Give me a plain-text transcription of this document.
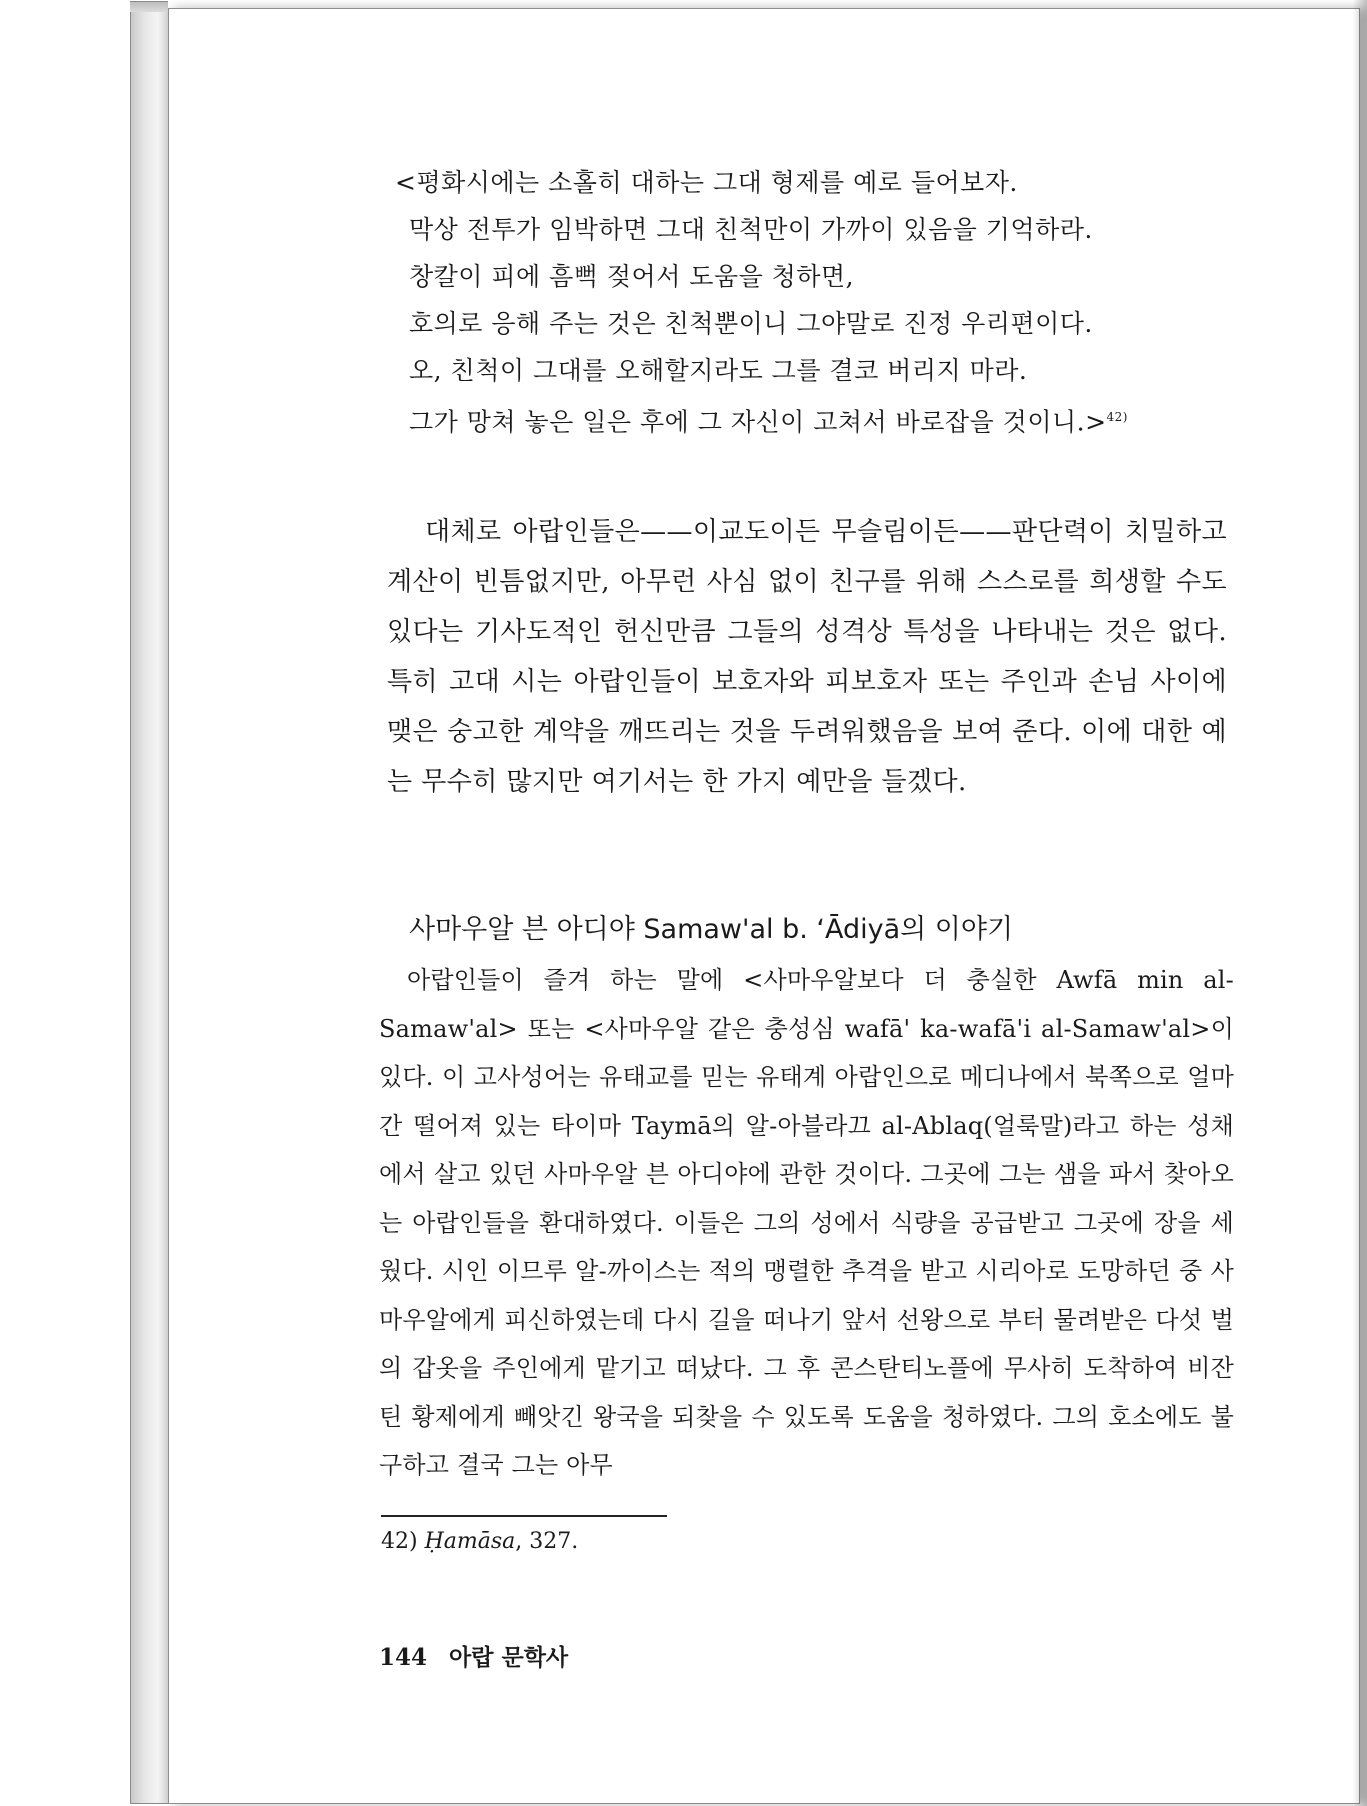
<평화시에는 소홀히 대하는 그대 형제를 예로 들어보자.
막상 전투가 임박하면 그대 친척만이 가까이 있음을 기억하라.
창칼이 피에 흠뻑 젖어서 도움을 청하면,
호의로 응해 주는 것은 친척뿐이니 그야말로 진정 우리편이다.
오, 친척이 그대를 오해할지라도 그를 결코 버리지 마라.
그가 망쳐 놓은 일은 후에 그 자신이 고쳐서 바로잡을 것이니.>$^{42)}$

대체로 아랍인들은——이교도이든 무슬림이든——판단력이 치밀하고 계산이 빈틈없지만, 아무런 사심 없이 친구를 위해 스스로를 희생할 수도 있다는 기사도적인 헌신만큼 그들의 성격상 특성을 나타내는 것은 없다. 특히 고대 시는 아랍인들이 보호자와 피보호자 또는 주인과 손님 사이에 맺은 숭고한 계약을 깨뜨리는 것을 두려워했음을 보여 준다. 이에 대한 예는 무수히 많지만 여기서는 한 가지 예만을 들겠다.

사마우알 븐 아디야 Samaw'al b. ʻĀdiyā의 이야기

아랍인들이 즐겨 하는 말에 <사마우알보다 더 충실한 Awfā min al-Samaw'al> 또는 <사마우알 같은 충성심 wafā' ka-wafā'i al-Samaw'al>이 있다. 이 고사성어는 유태교를 믿는 유태계 아랍인으로 메디나에서 북쪽으로 얼마간 떨어져 있는 타이마 Taymā의 알-아블라끄 al-Ablaq(얼룩말)라고 하는 성채에서 살고 있던 사마우알 븐 아디야에 관한 것이다. 그곳에 그는 샘을 파서 찾아오는 아랍인들을 환대하였다. 이들은 그의 성에서 식량을 공급받고 그곳에 장을 세웠다. 시인 이므루 알-까이스는 적의 맹렬한 추격을 받고 시리아로 도망하던 중 사마우알에게 피신하였는데 다시 길을 떠나기 앞서 선왕으로 부터 물려받은 다섯 벌의 갑옷을 주인에게 맡기고 떠났다. 그 후 콘스탄티노플에 무사히 도착하여 비잔틴 황제에게 빼앗긴 왕국을 되찾을 수 있도록 도움을 청하였다. 그의 호소에도 불구하고 결국 그는 아무

42) Ḥamāsa, 327.
144 아랍 문학사
